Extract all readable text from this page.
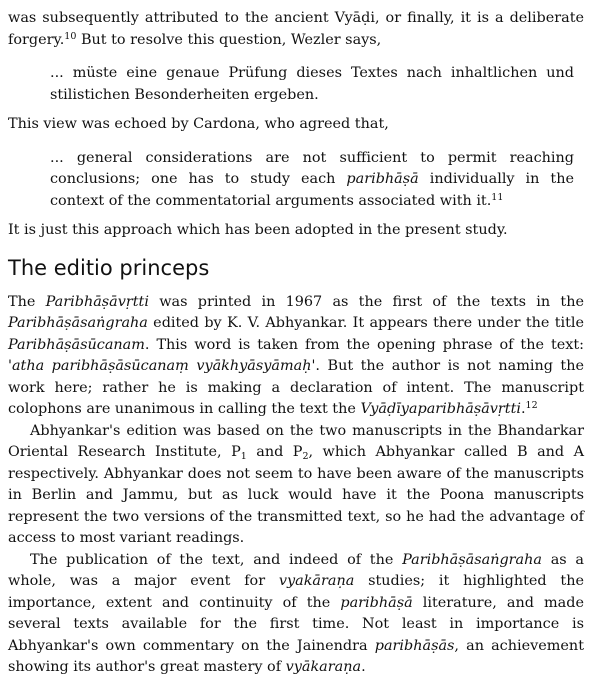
was subsequently attributed to the ancient Vyāḍi, or finally, it is a deliberate forgery.$^{10}$ But to resolve this question, Wezler says,

... müste eine genaue Prüfung dieses Textes nach inhaltlichen und stilistichen Besonderheiten ergeben.

This view was echoed by Cardona, who agreed that,

... general considerations are not sufficient to permit reaching conclusions; one has to study each paribhāṣā individually in the context of the commentatorial arguments associated with it.$^{11}$

It is just this approach which has been adopted in the present study.

The editio princeps

The Paribhāṣāvṛtti was printed in 1967 as the first of the texts in the Paribhāṣāsaṅgraha edited by K. V. Abhyankar. It appears there under the title Paribhāṣāsūcanam. This word is taken from the opening phrase of the text: 'atha paribhāṣāsūcanaṃ vyākhyāsyāmaḥ'. But the author is not naming the work here; rather he is making a declaration of intent. The manuscript colophons are unanimous in calling the text the Vyāḍīyaparibhāṣāvṛtti.$^{12}$

Abhyankar's edition was based on the two manuscripts in the Bhandarkar Oriental Research Institute, $P_1$ and $P_2$, which Abhyankar called B and A respectively. Abhyankar does not seem to have been aware of the manuscripts in Berlin and Jammu, but as luck would have it the Poona manuscripts represent the two versions of the transmitted text, so he had the advantage of access to most variant readings.

The publication of the text, and indeed of the Paribhāṣāsaṅgraha as a whole, was a major event for vyakāraṇa studies; it highlighted the importance, extent and continuity of the paribhāṣā literature, and made several texts available for the first time. Not least in importance is Abhyankar's own commentary on the Jainendra paribhāṣās, an achievement showing its author's great mastery of vyākaraṇa.
